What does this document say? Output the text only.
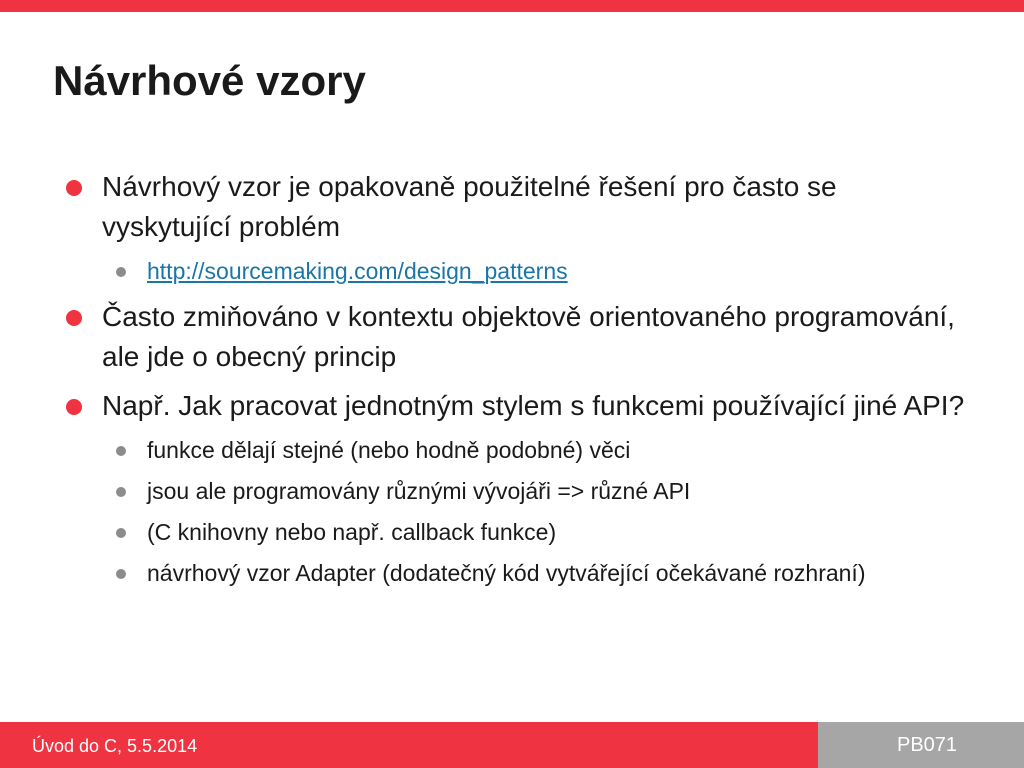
Návrhové vzory
Návrhový vzor je opakovaně použitelné řešení pro často se vyskytující problém
http://sourcemaking.com/design_patterns
Často zmiňováno v kontextu objektově orientovaného programování, ale jde o obecný princip
Např. Jak pracovat jednotným stylem s funkcemi používající jiné API?
funkce dělají stejné (nebo hodně podobné) věci
jsou ale programovány různými vývojáři => různé API
(C knihovny nebo např. callback funkce)
návrhový vzor Adapter (dodatečný kód vytvářející očekávané rozhraní)
Úvod do C, 5.5.2014	PB071
